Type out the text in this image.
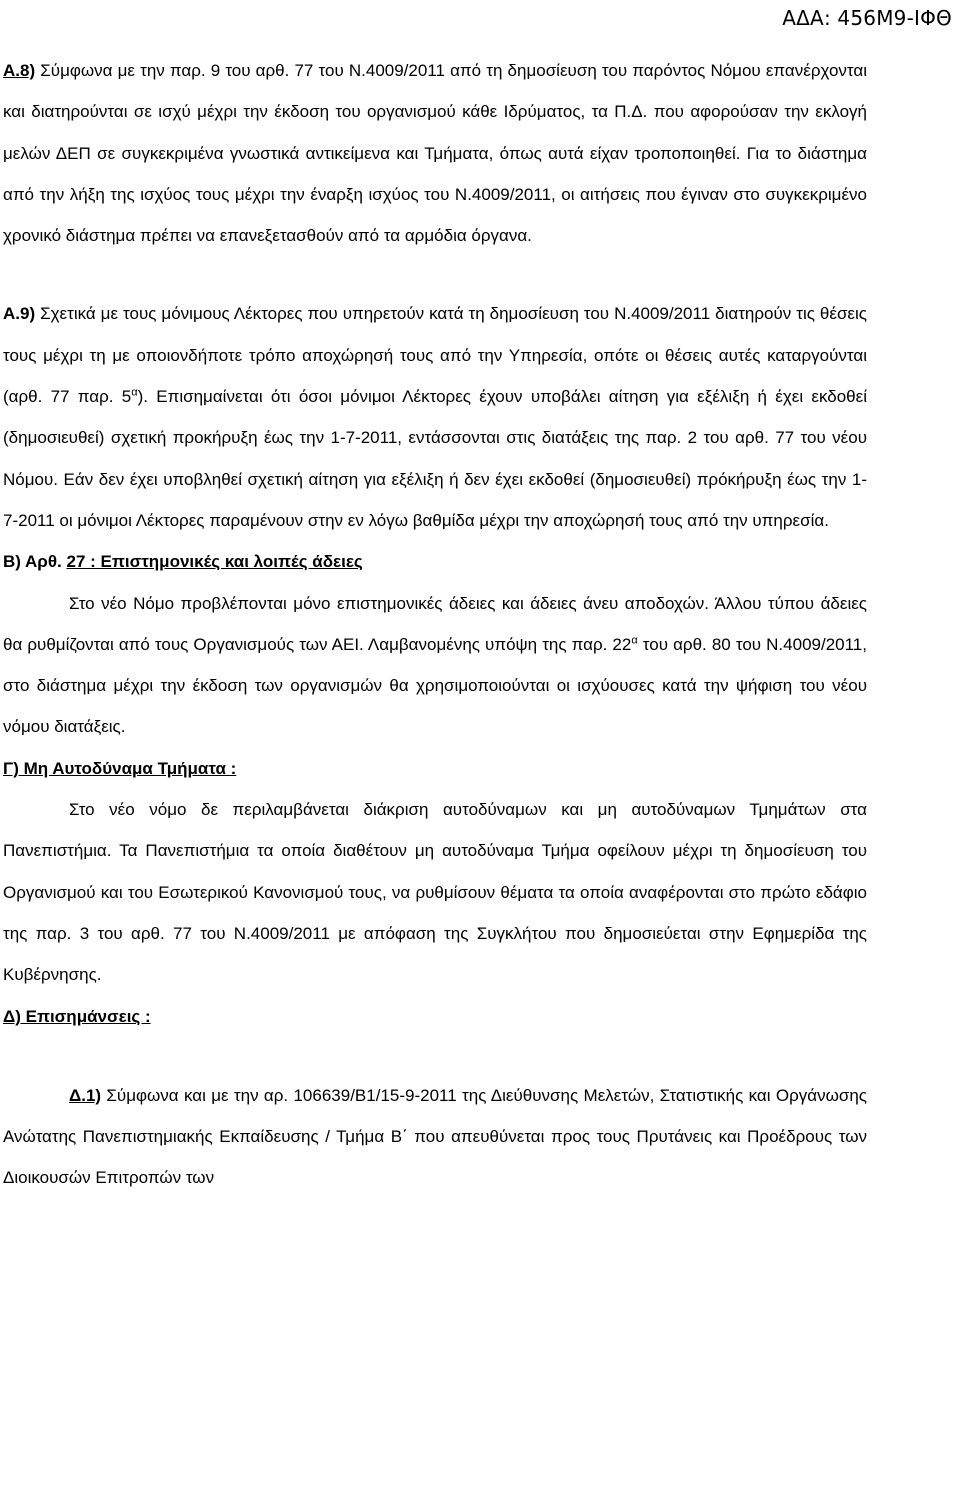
ΑΔΑ: 456Μ9-ΙΦΘ

Α.8) Σύμφωνα με την παρ. 9 του αρθ. 77 του Ν.4009/2011 από τη δημοσίευση του παρόντος Νόμου επανέρχονται και διατηρούνται σε ισχύ μέχρι την έκδοση του οργανισμού κάθε Ιδρύματος, τα Π.Δ. που αφορούσαν την εκλογή μελών ΔΕΠ σε συγκεκριμένα γνωστικά αντικείμενα και Τμήματα, όπως αυτά είχαν τροποποιηθεί. Για το διάστημα από την λήξη της ισχύος τους μέχρι την έναρξη ισχύος του Ν.4009/2011, οι αιτήσεις που έγιναν στο συγκεκριμένο χρονικό διάστημα πρέπει να επανεξετασθούν από τα αρμόδια όργανα.

Α.9) Σχετικά με τους μόνιμους Λέκτορες που υπηρετούν κατά τη δημοσίευση του Ν.4009/2011 διατηρούν τις θέσεις τους μέχρι τη με οποιονδήποτε τρόπο αποχώρησή τους από την Υπηρεσία, οπότε οι θέσεις αυτές καταργούνται (αρθ. 77 παρ. $5^\alpha$). Επισημαίνεται ότι όσοι μόνιμοι Λέκτορες έχουν υποβάλει αίτηση για εξέλιξη ή έχει εκδοθεί (δημοσιευθεί) σχετική προκήρυξη έως την 1-7-2011, εντάσσονται στις διατάξεις της παρ. 2 του αρθ. 77 του νέου Νόμου. Εάν δεν έχει υποβληθεί σχετική αίτηση για εξέλιξη ή δεν έχει εκδοθεί (δημοσιευθεί) πρόκήρυξη έως την 1-7-2011 οι μόνιμοι Λέκτορες παραμένουν στην εν λόγω βαθμίδα μέχρι την αποχώρησή τους από την υπηρεσία.

Β) Αρθ. 27 : Επιστημονικές και λοιπές άδειες

Στο νέο Νόμο προβλέπονται μόνο επιστημονικές άδειες και άδειες άνευ αποδοχών. Άλλου τύπου άδειες θα ρυθμίζονται από τους Οργανισμούς των ΑΕΙ. Λαμβανομένης υπόψη της παρ. $22^\alpha$ του αρθ. 80 του Ν.4009/2011, στο διάστημα μέχρι την έκδοση των οργανισμών θα χρησιμοποιούνται οι ισχύουσες κατά την ψήφιση του νέου νόμου διατάξεις.

Γ) Μη Αυτοδύναμα Τμήματα :

Στο νέο νόμο δε περιλαμβάνεται διάκριση αυτοδύναμων και μη αυτοδύναμων Τμημάτων στα Πανεπιστήμια. Τα Πανεπιστήμια τα οποία διαθέτουν μη αυτοδύναμα Τμήμα οφείλουν μέχρι τη δημοσίευση του Οργανισμού και του Εσωτερικού Κανονισμού τους, να ρυθμίσουν θέματα τα οποία αναφέρονται στο πρώτο εδάφιο της παρ. 3 του αρθ. 77 του Ν.4009/2011 με απόφαση της Συγκλήτου που δημοσιεύεται στην Εφημερίδα της Κυβέρνησης.

Δ) Επισημάνσεις :

Δ.1) Σύμφωνα και με την αρ. 106639/Β1/15-9-2011 της Διεύθυνσης Μελετών, Στατιστικής και Οργάνωσης Ανώτατης Πανεπιστημιακής Εκπαίδευσης / Τμήμα Β΄ που απευθύνεται προς τους Πρυτάνεις και Προέδρους των Διοικουσών Επιτροπών των
